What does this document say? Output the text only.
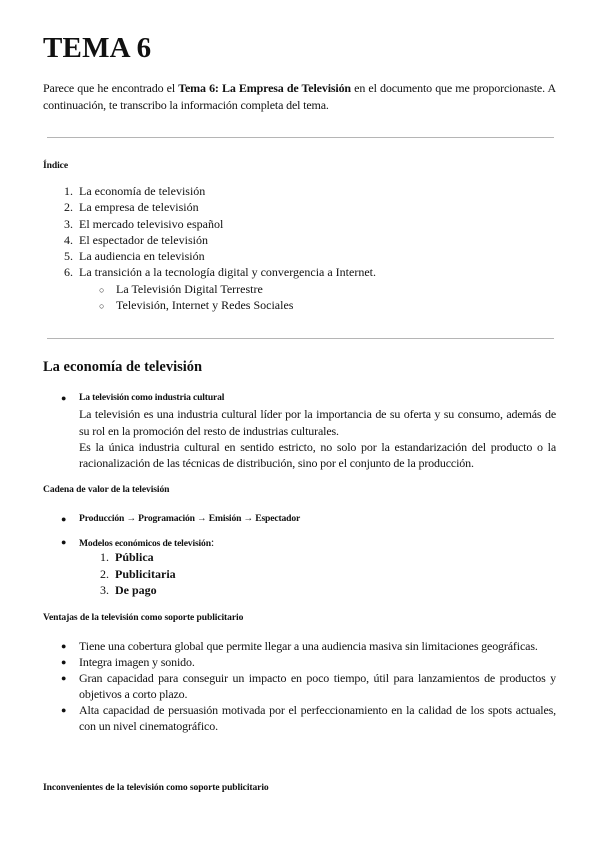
TEMA 6

Parece que he encontrado el Tema 6: La Empresa de Televisión en el documento que me proporcionaste. A continuación, te transcribo la información completa del tema.

Índice
1. La economía de televisión
2. La empresa de televisión
3. El mercado televisivo español
4. El espectador de televisión
5. La audiencia en televisión
6. La transición a la tecnología digital y convergencia a Internet.
○ La Televisión Digital Terrestre
○ Televisión, Internet y Redes Sociales
La economía de televisión
● La televisión como industria cultural
La televisión es una industria cultural líder por la importancia de su oferta y su consumo, además de su rol en la promoción del resto de industrias culturales.
Es la única industria cultural en sentido estricto, no solo por la estandarización del producto o la racionalización de las técnicas de distribución, sino por el conjunto de la producción.
Cadena de valor de la televisión
● Producción → Programación → Emisión → Espectador
● Modelos económicos de televisión:
1. Pública
2. Publicitaria
3. De pago
Ventajas de la televisión como soporte publicitario
● Tiene una cobertura global que permite llegar a una audiencia masiva sin limitaciones geográficas.
● Integra imagen y sonido.
● Gran capacidad para conseguir un impacto en poco tiempo, útil para lanzamientos de productos y objetivos a corto plazo.
● Alta capacidad de persuasión motivada por el perfeccionamiento en la calidad de los spots actuales, con un nivel cinematográfico.
Inconvenientes de la televisión como soporte publicitario
